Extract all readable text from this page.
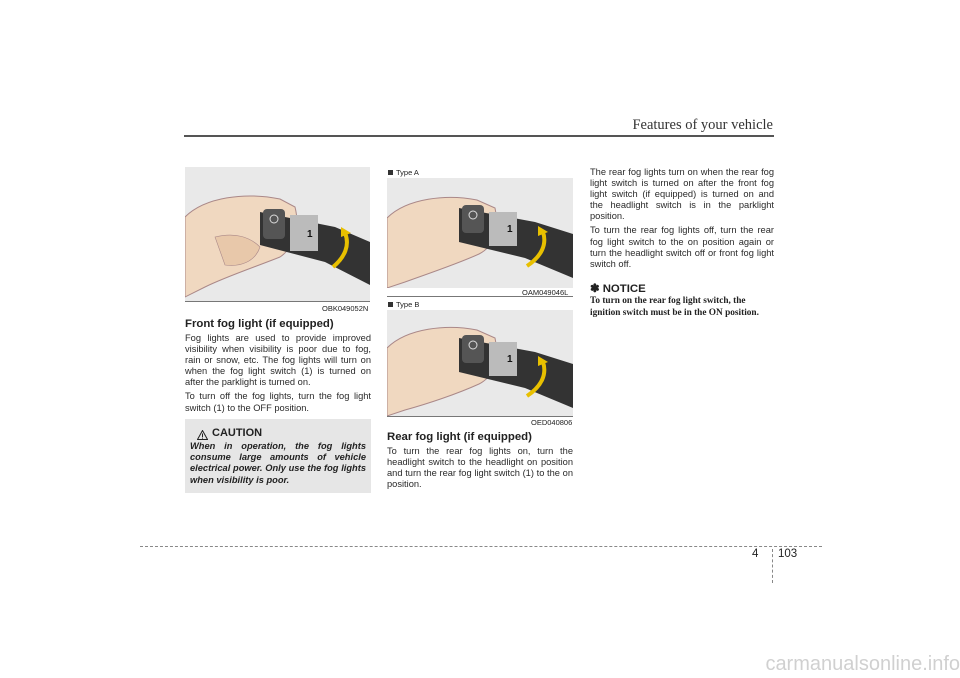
Features of your vehicle
1
OBK049052N
Front fog light (if equipped)

Fog lights are used to provide improved visibility when visibility is poor due to fog, rain or snow, etc. The fog lights will turn on when the fog light switch (1) is turned on after the parklight is turned on.

To turn off the fog lights, turn the fog light switch (1) to the OFF position.

CAUTION
When in operation, the fog lights consume large amounts of vehicle electrical power. Only use the fog lights when visibility is poor.
Type A
1
OAM049046L
Type B
1
OED040806
Rear fog light (if equipped)

To turn the rear fog lights on, turn the headlight switch to the headlight on position and turn the rear fog light switch (1) to the on position.

The rear fog lights turn on when the rear fog light switch is turned on after the front fog light switch (if equipped) is turned on and the headlight switch is in the parklight position.

To turn the rear fog lights off, turn the rear fog light switch to the on position again or turn the headlight switch off or front fog light switch off.

✽ NOTICE
To turn on the rear fog light switch, the ignition switch must be in the ON position.
4 103
carmanualsonline.info
